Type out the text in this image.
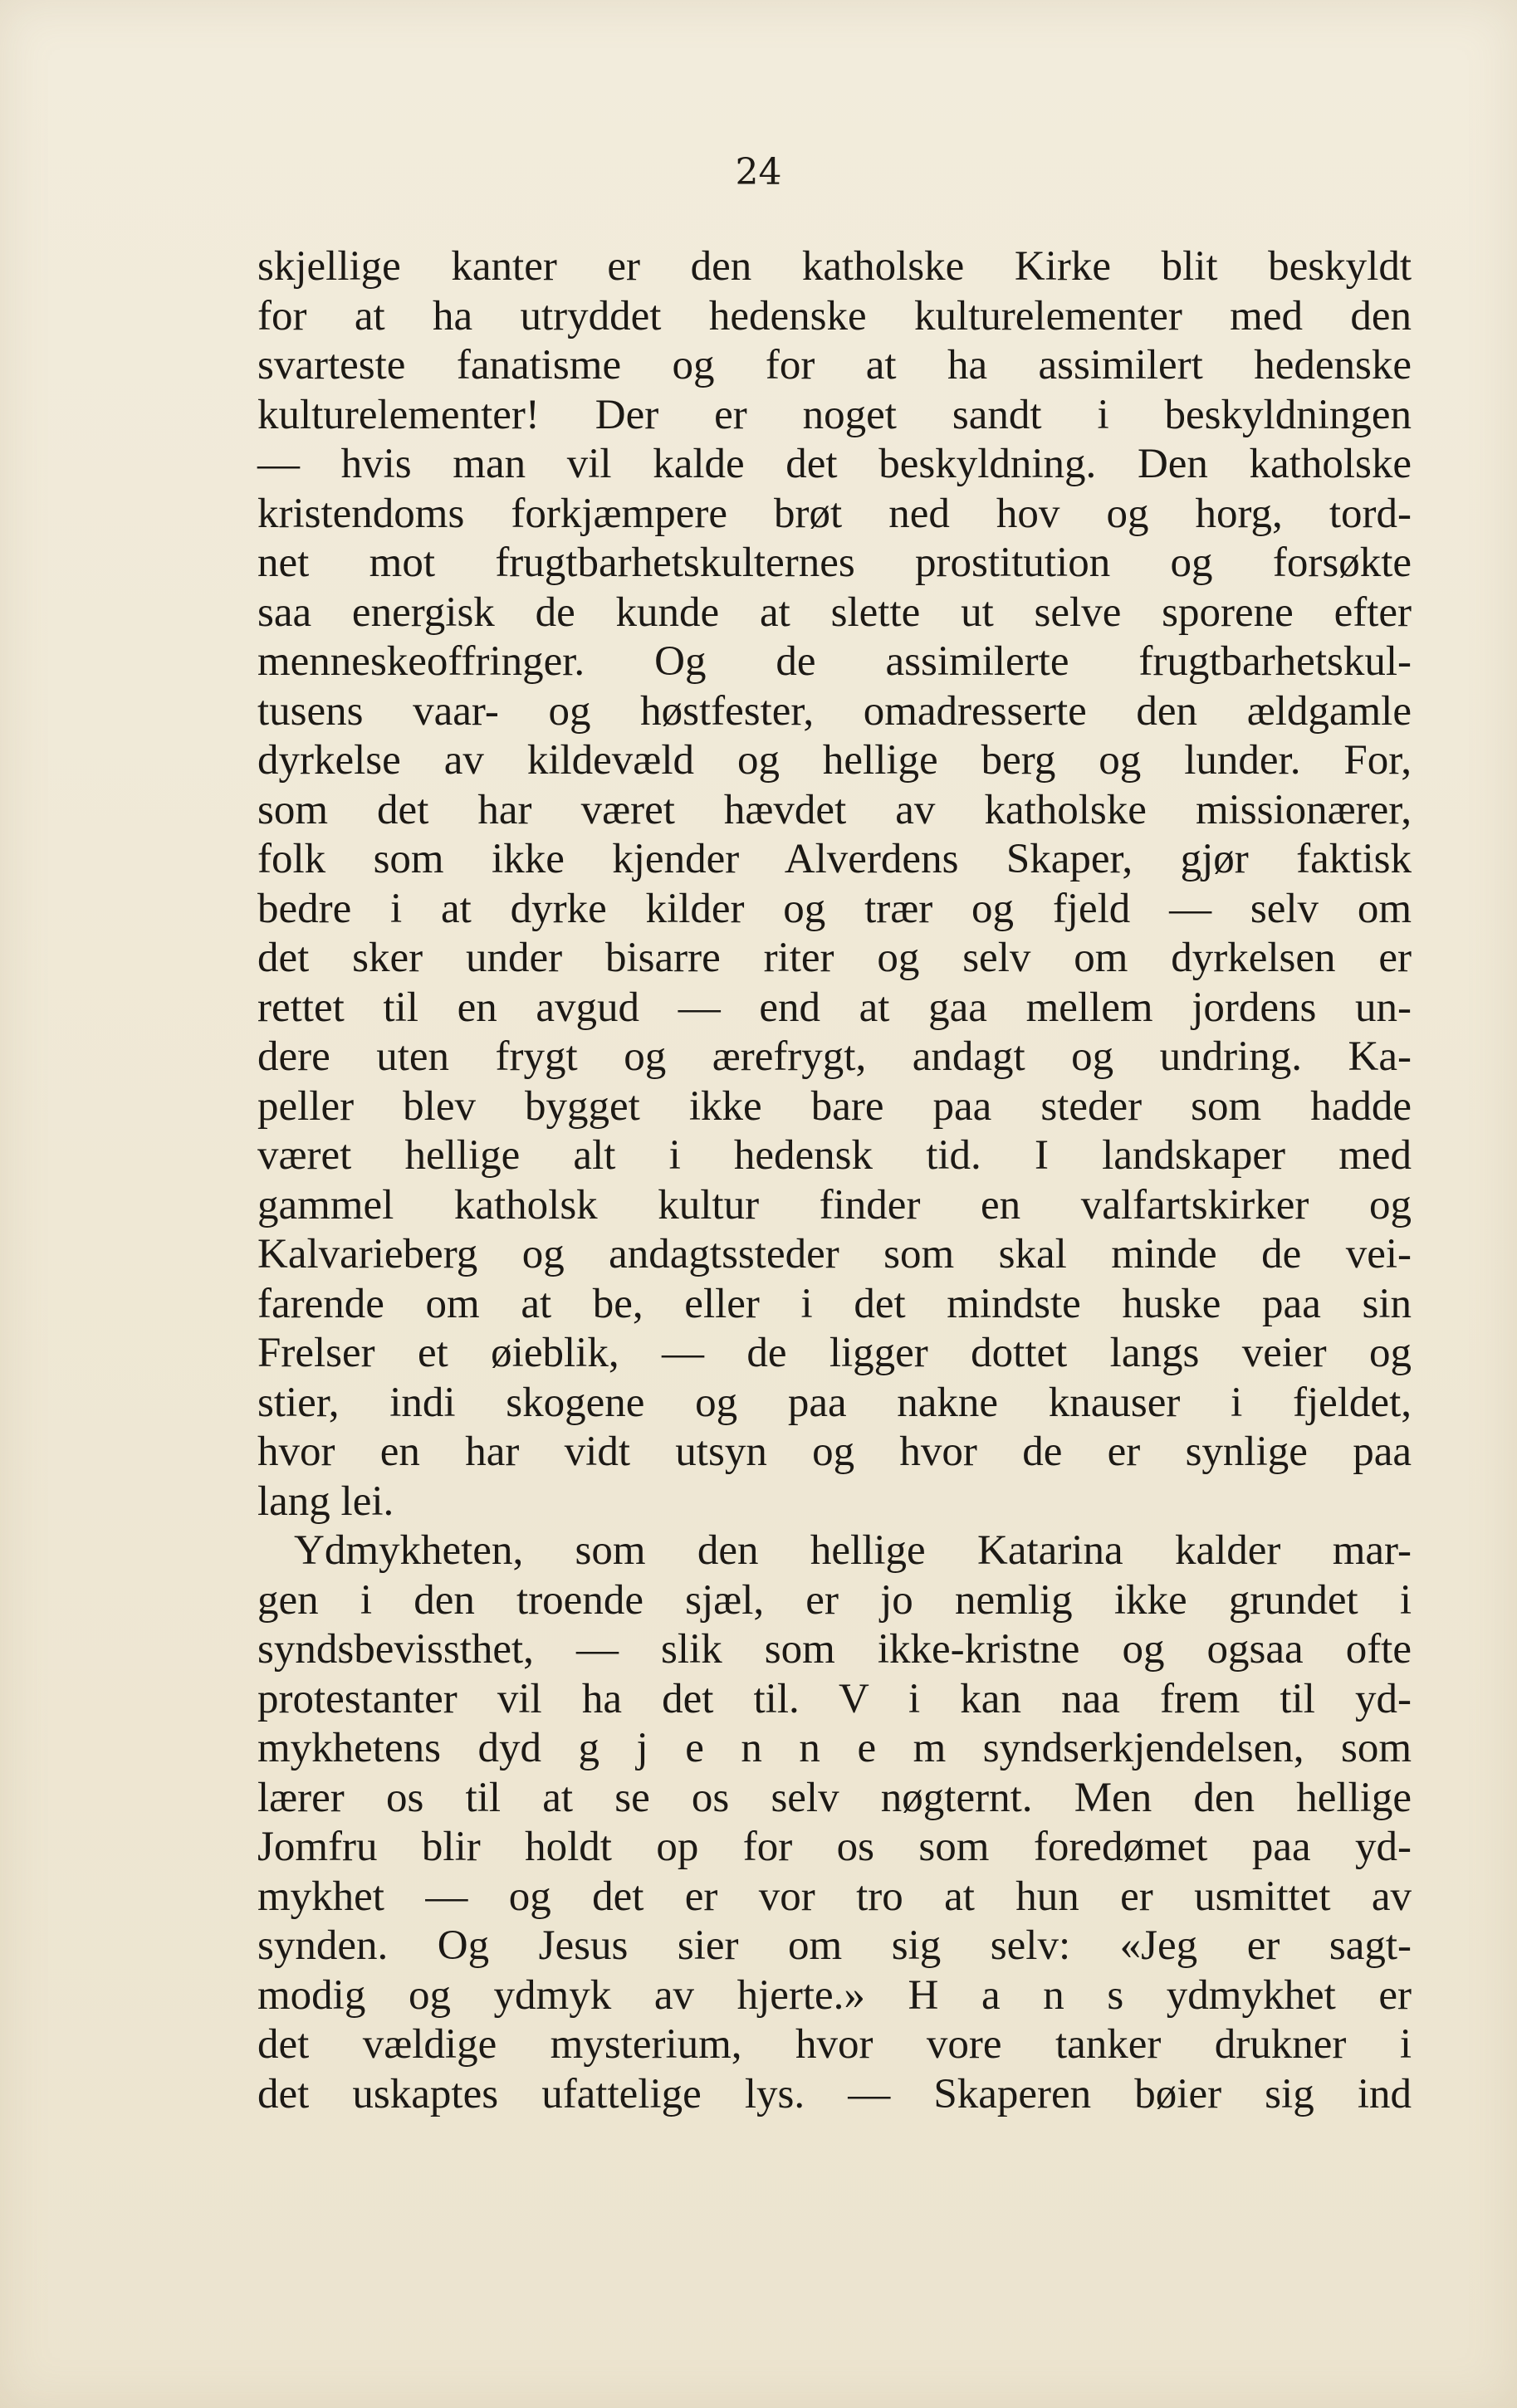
24
skjellige kanter er den katholske Kirke blit beskyldt
for at ha utryddet hedenske kulturelementer med den
svarteste fanatisme og for at ha assimilert hedenske
kulturelementer! Der er noget sandt i beskyldningen
— hvis man vil kalde det beskyldning. Den katholske
kristendoms forkjæmpere brøt ned hov og horg, tord-
net mot frugtbarhetskulternes prostitution og forsøkte
saa energisk de kunde at slette ut selve sporene efter
menneskeoffringer. Og de assimilerte frugtbarhetskul-
tusens vaar- og høstfester, omadresserte den ældgamle
dyrkelse av kildevæld og hellige berg og lunder. For,
som det har været hævdet av katholske missionærer,
folk som ikke kjender Alverdens Skaper, gjør faktisk
bedre i at dyrke kilder og trær og fjeld — selv om
det sker under bisarre riter og selv om dyrkelsen er
rettet til en avgud — end at gaa mellem jordens un-
dere uten frygt og ærefrygt, andagt og undring. Ka-
peller blev bygget ikke bare paa steder som hadde
været hellige alt i hedensk tid. I landskaper med
gammel katholsk kultur finder en valfartskirker og
Kalvarieberg og andagtssteder som skal minde de vei-
farende om at be, eller i det mindste huske paa sin
Frelser et øieblik, — de ligger dottet langs veier og
stier, indi skogene og paa nakne knauser i fjeldet,
hvor en har vidt utsyn og hvor de er synlige paa
lang lei.
Ydmykheten, som den hellige Katarina kalder mar-
gen i den troende sjæl, er jo nemlig ikke grundet i
syndsbevissthet, — slik som ikke-kristne og ogsaa ofte
protestanter vil ha det til. V i kan naa frem til yd-
mykhetens dyd g j e n n e m syndserkjendelsen, som
lærer os til at se os selv nøgternt. Men den hellige
Jomfru blir holdt op for os som foredømet paa yd-
mykhet — og det er vor tro at hun er usmittet av
synden. Og Jesus sier om sig selv: «Jeg er sagt-
modig og ydmyk av hjerte.» H a n s ydmykhet er
det vældige mysterium, hvor vore tanker drukner i
det uskaptes ufattelige lys. — Skaperen bøier sig ind
